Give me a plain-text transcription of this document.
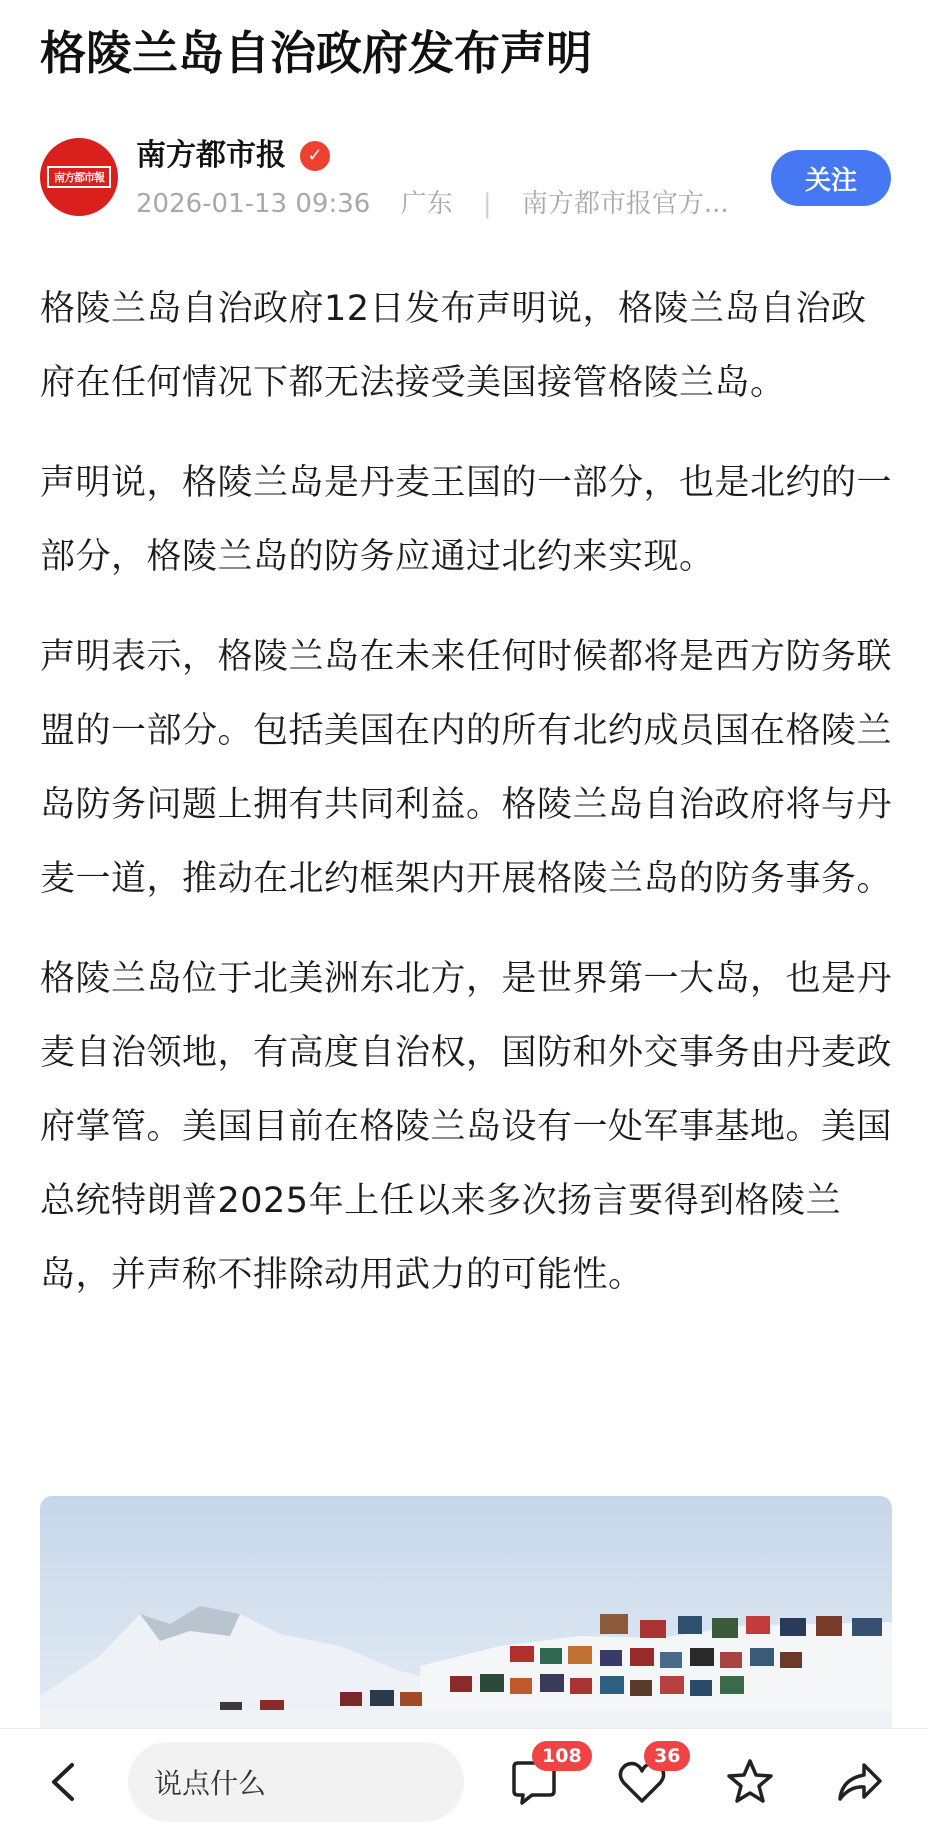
格陵兰岛自治政府发布声明
南方都市報
南方都市报	✓
2026-01-13 09:36 广东 | 南方都市报官方...
关注

格陵兰岛自治政府12日发布声明说，格陵兰岛自治政府在任何情况下都无法接受美国接管格陵兰岛。

声明说，格陵兰岛是丹麦王国的一部分，也是北约的一部分，格陵兰岛的防务应通过北约来实现。

声明表示，格陵兰岛在未来任何时候都将是西方防务联盟的一部分。包括美国在内的所有北约成员国在格陵兰岛防务问题上拥有共同利益。格陵兰岛自治政府将与丹麦一道，推动在北约框架内开展格陵兰岛的防务事务。

格陵兰岛位于北美洲东北方，是世界第一大岛，也是丹麦自治领地，有高度自治权，国防和外交事务由丹麦政府掌管。美国目前在格陵兰岛设有一处军事基地。美国总统特朗普2025年上任以来多次扬言要得到格陵兰岛，并声称不排除动用武力的可能性。

说点什么
108	36
